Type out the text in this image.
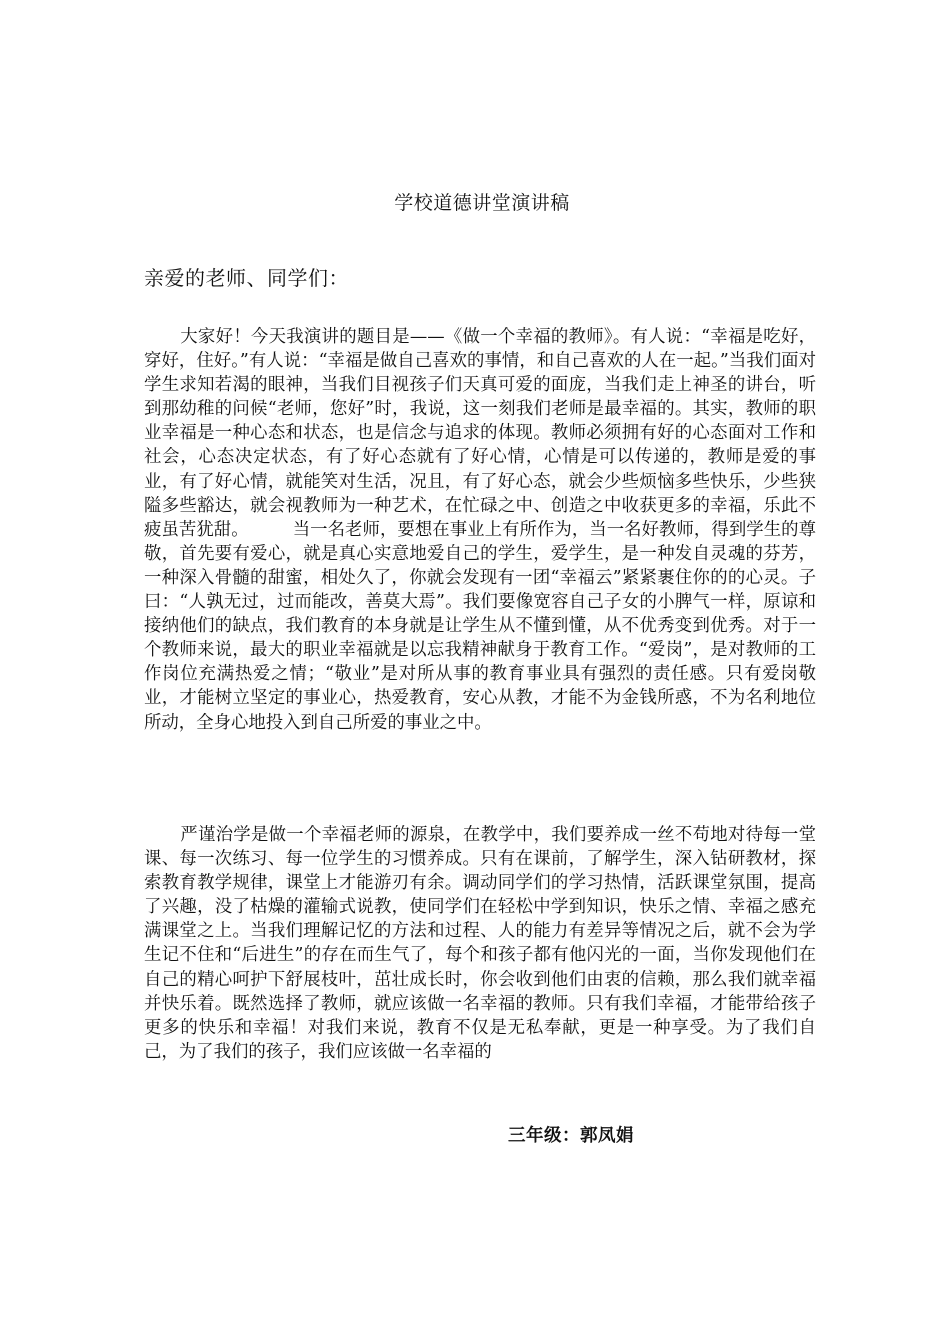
学校道德讲堂演讲稿
亲爱的老师、同学们：
大家好！今天我演讲的题目是——《做一个幸福的教师》。有人说：“幸福是吃好，穿好，住好。”有人说：“幸福是做自己喜欢的事情，和自己喜欢的人在一起。”当我们面对学生求知若渴的眼神，当我们目视孩子们天真可爱的面庞，当我们走上神圣的讲台，听到那幼稚的问候“老师，您好”时，我说，这一刻我们老师是最幸福的。其实，教师的职业幸福是一种心态和状态，也是信念与追求的体现。教师必须拥有好的心态面对工作和社会，心态决定状态，有了好心态就有了好心情，心情是可以传递的，教师是爱的事业，有了好心情，就能笑对生活，况且，有了好心态，就会少些烦恼多些快乐，少些狭隘多些豁达，就会视教师为一种艺术，在忙碌之中、创造之中收获更多的幸福，乐此不疲虽苦犹甜。	当一名老师，要想在事业上有所作为，当一名好教师，得到学生的尊敬，首先要有爱心，就是真心实意地爱自己的学生，爱学生，是一种发自灵魂的芬芳，一种深入骨髓的甜蜜，相处久了，你就会发现有一团“幸福云”紧紧裹住你的的心灵。子曰：“人孰无过，过而能改，善莫大焉”。我们要像宽容自己子女的小脾气一样，原谅和接纳他们的缺点，我们教育的本身就是让学生从不懂到懂，从不优秀变到优秀。对于一个教师来说，最大的职业幸福就是以忘我精神献身于教育工作。“爱岗”，是对教师的工作岗位充满热爱之情；“敬业”是对所从事的教育事业具有强烈的责任感。只有爱岗敬业，才能树立坚定的事业心，热爱教育，安心从教，才能不为金钱所惑，不为名利地位所动，全身心地投入到自己所爱的事业之中。
严谨治学是做一个幸福老师的源泉，在教学中，我们要养成一丝不苟地对待每一堂课、每一次练习、每一位学生的习惯养成。只有在课前，了解学生，深入钻研教材，探索教育教学规律，课堂上才能游刃有余。调动同学们的学习热情，活跃课堂氛围，提高了兴趣，没了枯燥的灌输式说教，使同学们在轻松中学到知识，快乐之情、幸福之感充满课堂之上。当我们理解记忆的方法和过程、人的能力有差异等情况之后，就不会为学生记不住和“后进生”的存在而生气了，每个和孩子都有他闪光的一面，当你发现他们在自己的精心呵护下舒展枝叶，茁壮成长时，你会收到他们由衷的信赖，那么我们就幸福并快乐着。既然选择了教师，就应该做一名幸福的教师。只有我们幸福，才能带给孩子更多的快乐和幸福！对我们来说，教育不仅是无私奉献，更是一种享受。为了我们自己，为了我们的孩子，我们应该做一名幸福的
三年级：郭凤娟
